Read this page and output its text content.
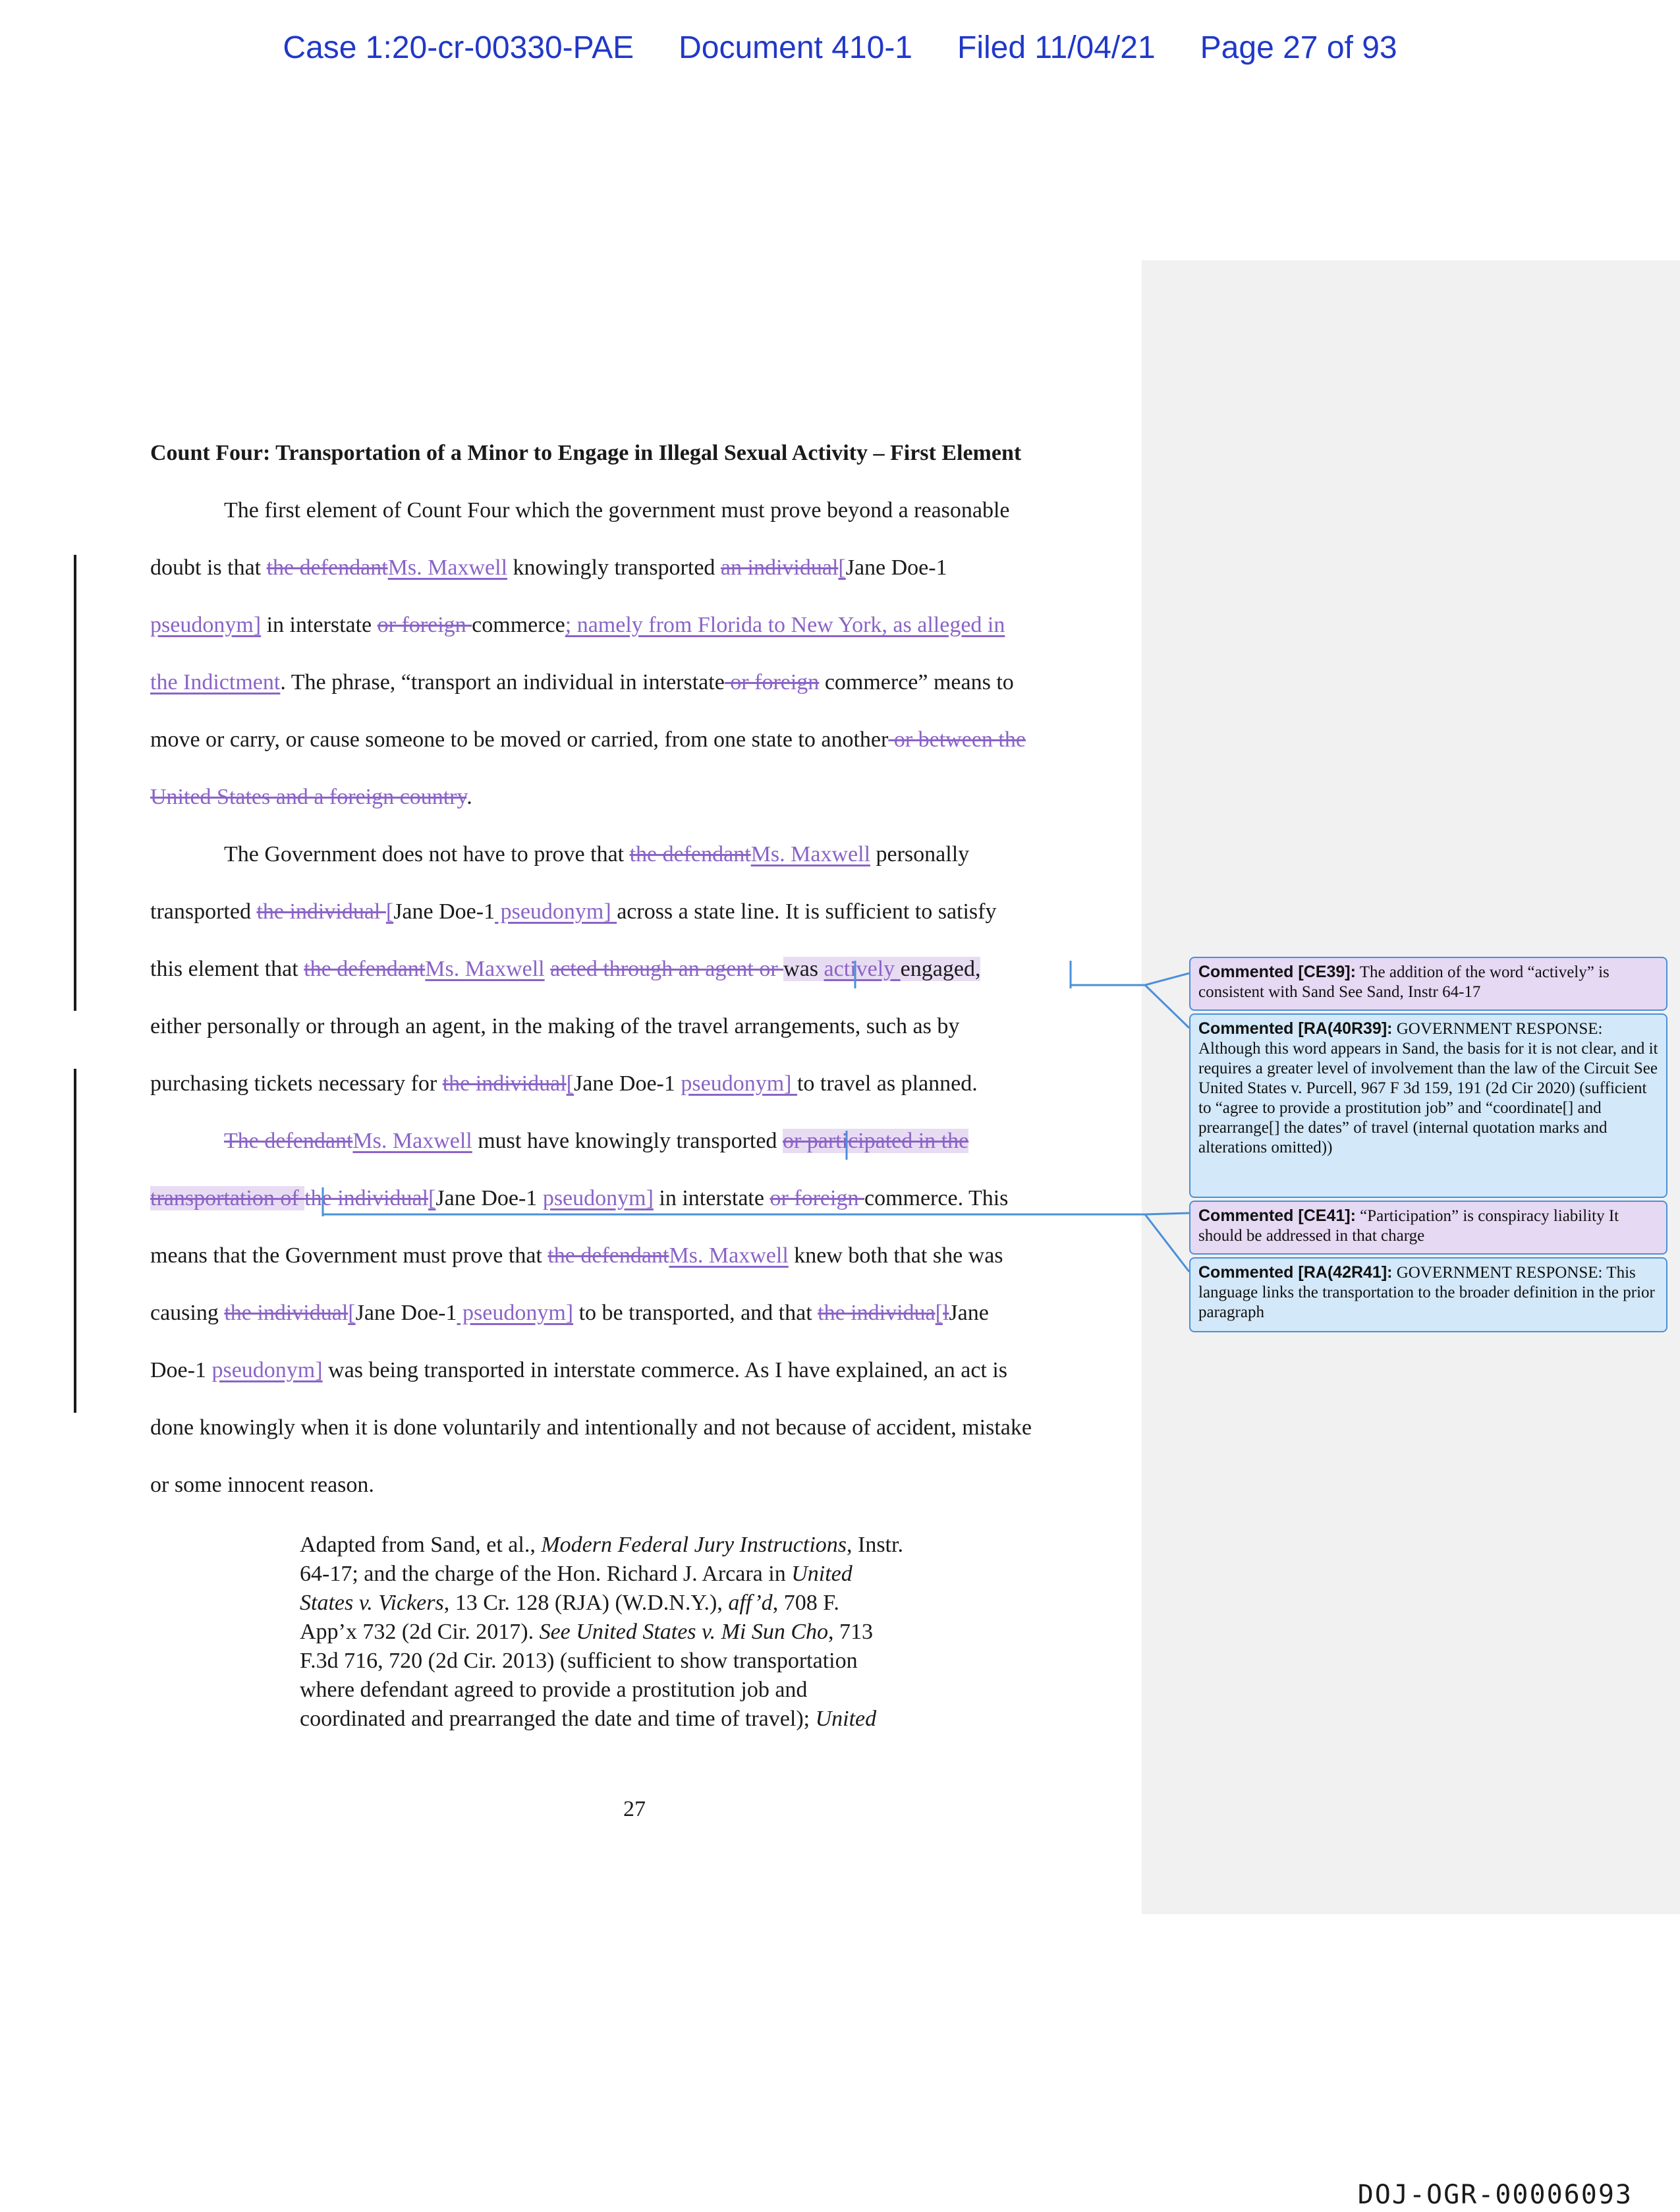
Case 1:20-cr-00330-PAE Document 410-1 Filed 11/04/21 Page 27 of 93
Count Four: Transportation of a Minor to Engage in Illegal Sexual Activity – First Element
The first element of Count Four which the government must prove beyond a reasonable
doubt is that the defendantMs. Maxwell knowingly transported an individual[Jane Doe-1
pseudonym] in interstate or foreign commerce; namely from Florida to New York, as alleged in
the Indictment. The phrase, “transport an individual in interstate or foreign commerce” means to
move or carry, or cause someone to be moved or carried, from one state to another or between the
United States and a foreign country.
The Government does not have to prove that the defendantMs. Maxwell personally
transported the individual [Jane Doe-1 pseudonym] across a state line. It is sufficient to satisfy
this element that the defendantMs. Maxwell acted through an agent or was actively engaged,
either personally or through an agent, in the making of the travel arrangements, such as by
purchasing tickets necessary for the individual[Jane Doe-1 pseudonym] to travel as planned.
The defendantMs. Maxwell must have knowingly transported or participated in the
transportation of the individual[Jane Doe-1 pseudonym] in interstate or foreign commerce. This
means that the Government must prove that the defendantMs. Maxwell knew both that she was
causing the individual[Jane Doe-1 pseudonym] to be transported, and that the individua[lJane
Doe-1 pseudonym] was being transported in interstate commerce. As I have explained, an act is
done knowingly when it is done voluntarily and intentionally and not because of accident, mistake
or some innocent reason.
Adapted from Sand, et al., Modern Federal Jury Instructions, Instr.
64-17; and the charge of the Hon. Richard J. Arcara in United
States v. Vickers, 13 Cr. 128 (RJA) (W.D.N.Y.), aff’d, 708 F.
App’x 732 (2d Cir. 2017). See United States v. Mi Sun Cho, 713
F.3d 716, 720 (2d Cir. 2013) (sufficient to show transportation
where defendant agreed to provide a prostitution job and
coordinated and prearranged the date and time of travel); United
27
DOJ-OGR-00006093
Commented [CE39]: The addition of the word “actively” is consistent with Sand See Sand, Instr 64-17
Commented [RA(40R39]: GOVERNMENT RESPONSE: Although this word appears in Sand, the basis for it is not clear, and it requires a greater level of involvement than the law of the Circuit See United States v. Purcell, 967 F 3d 159, 191 (2d Cir 2020) (sufficient to “agree to provide a prostitution job” and “coordinate[] and prearrange[] the dates” of travel (internal quotation marks and alterations omitted))
Commented [CE41]: “Participation” is conspiracy liability It should be addressed in that charge
Commented [RA(42R41]: GOVERNMENT RESPONSE: This language links the transportation to the broader definition in the prior paragraph
